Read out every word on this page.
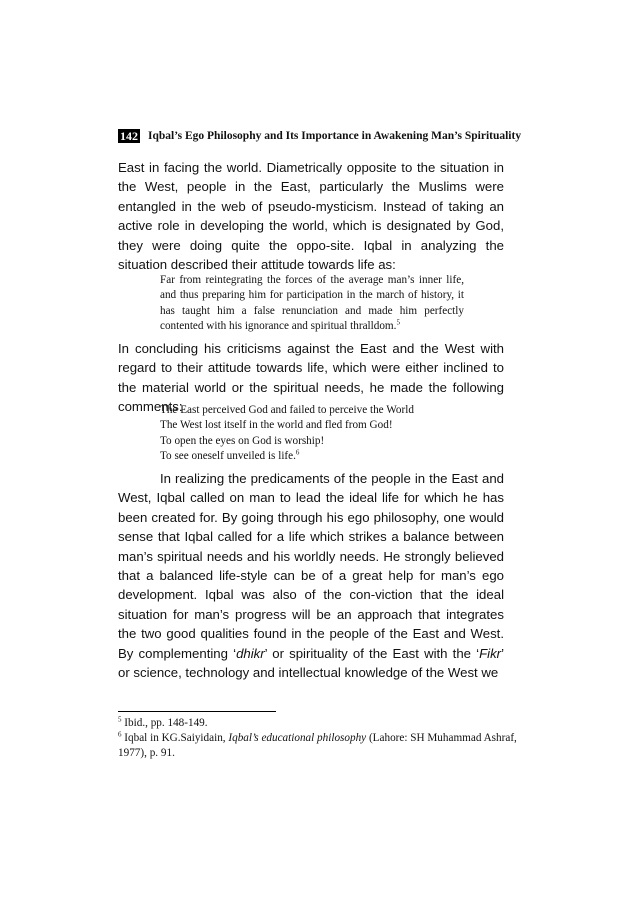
142 Iqbal’s Ego Philosophy and Its Importance in Awakening Man’s Spirituality

East in facing the world. Diametrically opposite to the situation in the West, people in the East, particularly the Muslims were entangled in the web of pseudo-mysticism. Instead of taking an active role in developing the world, which is designated by God, they were doing quite the oppo-site. Iqbal in analyzing the situation described their attitude towards life as:

Far from reintegrating the forces of the average man’s inner life, and thus preparing him for participation in the march of history, it has taught him a false renunciation and made him perfectly contented with his ignorance and spiritual thralldom.$^5$

In concluding his criticisms against the East and the West with regard to their attitude towards life, which were either inclined to the material world or the spiritual needs, he made the following comments:

The East perceived God and failed to perceive the World
The West lost itself in the world and fled from God!
To open the eyes on God is worship!
To see oneself unveiled is life.$^6$

In realizing the predicaments of the people in the East and West, Iqbal called on man to lead the ideal life for which he has been created for. By going through his ego philosophy, one would sense that Iqbal called for a life which strikes a balance between man’s spiritual needs and his worldly needs. He strongly believed that a balanced life-style can be of a great help for man’s ego development. Iqbal was also of the con-viction that the ideal situation for man’s progress will be an approach that integrates the two good qualities found in the people of the East and West. By complementing ‘dhikr’ or spirituality of the East with the ‘Fikr’ or science, technology and intellectual knowledge of the West we

$^5$ Ibid., pp. 148-149.

$^6$ Iqbal in KG.Saiyidain, Iqbal’s educational philosophy (Lahore: SH Muhammad Ashraf, 1977), p. 91.
